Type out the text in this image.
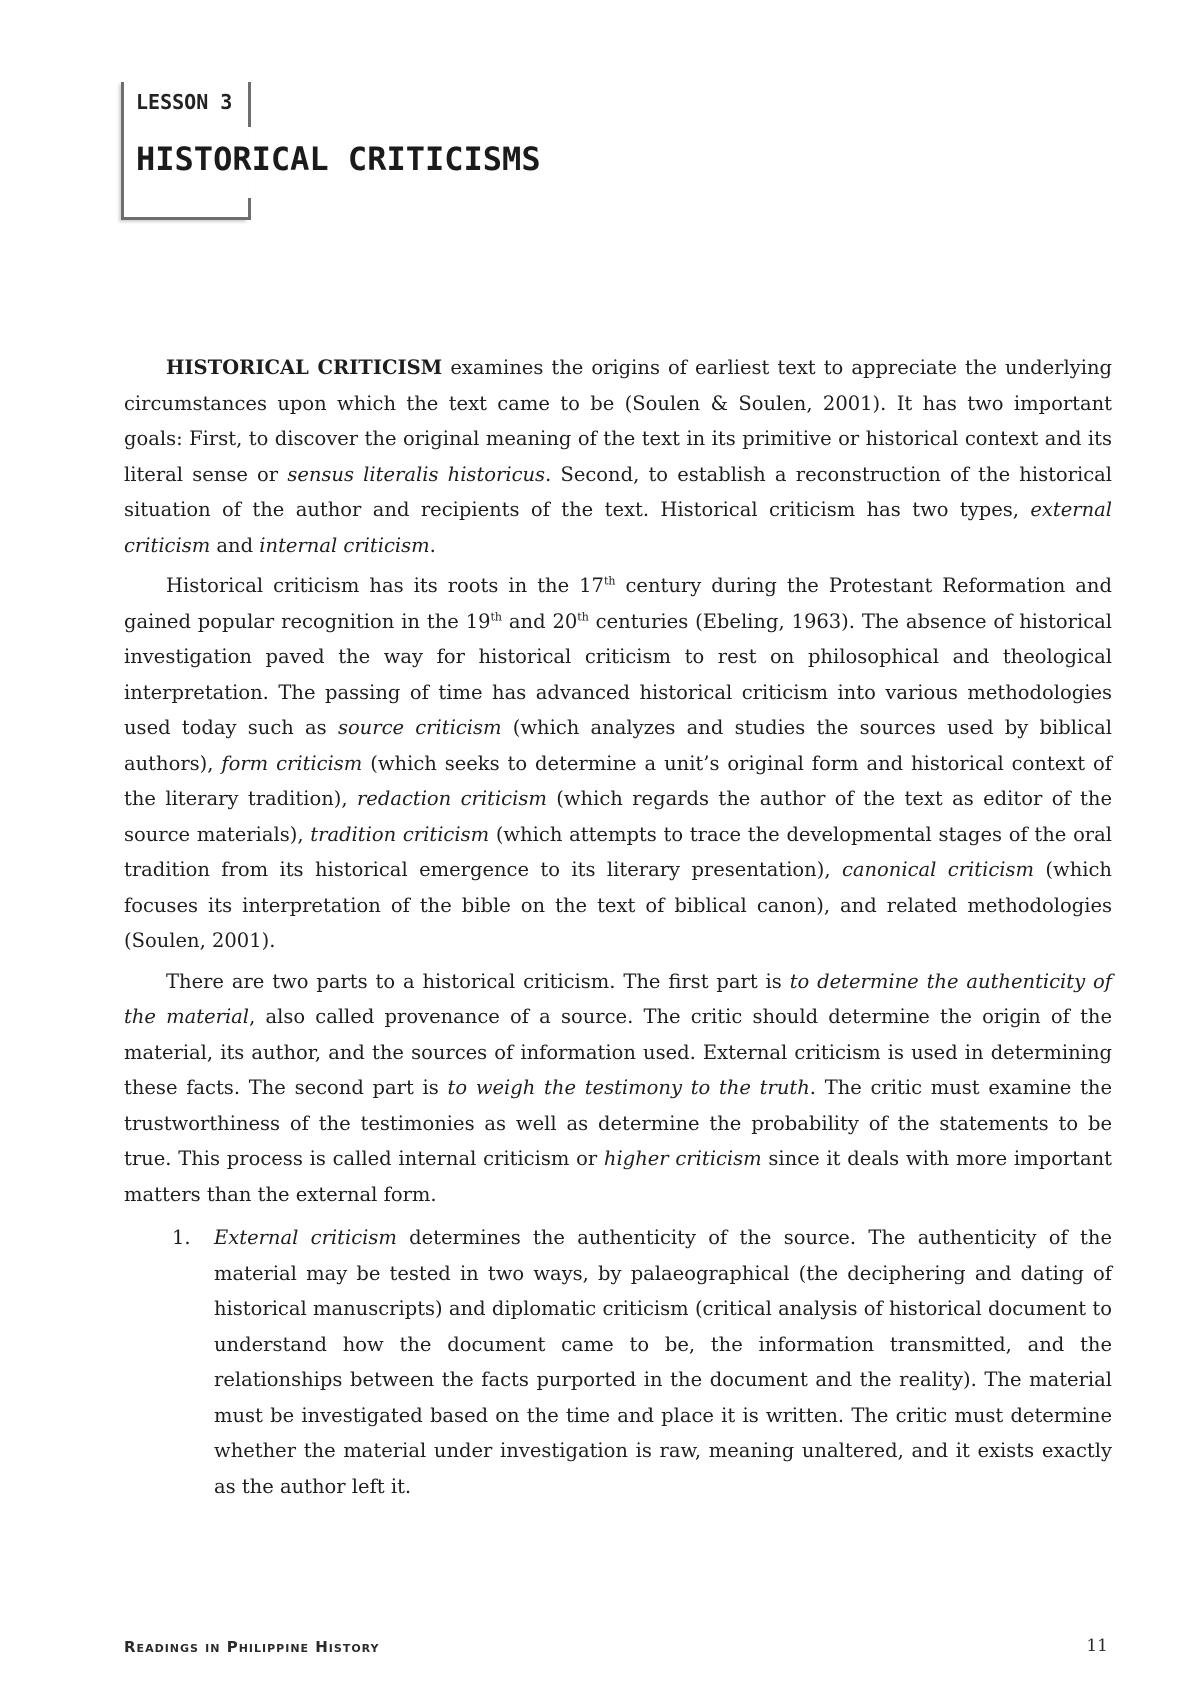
LESSON 3
HISTORICAL CRITICISMS

HISTORICAL CRITICISM examines the origins of earliest text to appreciate the underlying circumstances upon which the text came to be (Soulen & Soulen, 2001). It has two important goals: First, to discover the original meaning of the text in its primitive or historical context and its literal sense or sensus literalis historicus. Second, to establish a reconstruction of the historical situation of the author and recipients of the text. Historical criticism has two types, external criticism and internal criticism.

Historical criticism has its roots in the 17th century during the Protestant Reformation and gained popular recognition in the 19th and 20th centuries (Ebeling, 1963). The absence of historical investigation paved the way for historical criticism to rest on philosophical and theological interpretation. The passing of time has advanced historical criticism into various methodologies used today such as source criticism (which analyzes and studies the sources used by biblical authors), form criticism (which seeks to determine a unit’s original form and historical context of the literary tradition), redaction criticism (which regards the author of the text as editor of the source materials), tradition criticism (which attempts to trace the developmental stages of the oral tradition from its historical emergence to its literary presentation), canonical criticism (which focuses its interpretation of the bible on the text of biblical canon), and related methodologies (Soulen, 2001).

There are two parts to a historical criticism. The first part is to determine the authenticity of the material, also called provenance of a source. The critic should determine the origin of the material, its author, and the sources of information used. External criticism is used in determining these facts. The second part is to weigh the testimony to the truth. The critic must examine the trustworthiness of the testimonies as well as determine the probability of the statements to be true. This process is called internal criticism or higher criticism since it deals with more important matters than the external form.

1. External criticism determines the authenticity of the source. The authenticity of the material may be tested in two ways, by palaeographical (the deciphering and dating of historical manuscripts) and diplomatic criticism (critical analysis of historical document to understand how the document came to be, the information transmitted, and the relationships between the facts purported in the document and the reality). The material must be investigated based on the time and place it is written. The critic must determine whether the material under investigation is raw, meaning unaltered, and it exists exactly as the author left it.
Readings in Philippine History	11
